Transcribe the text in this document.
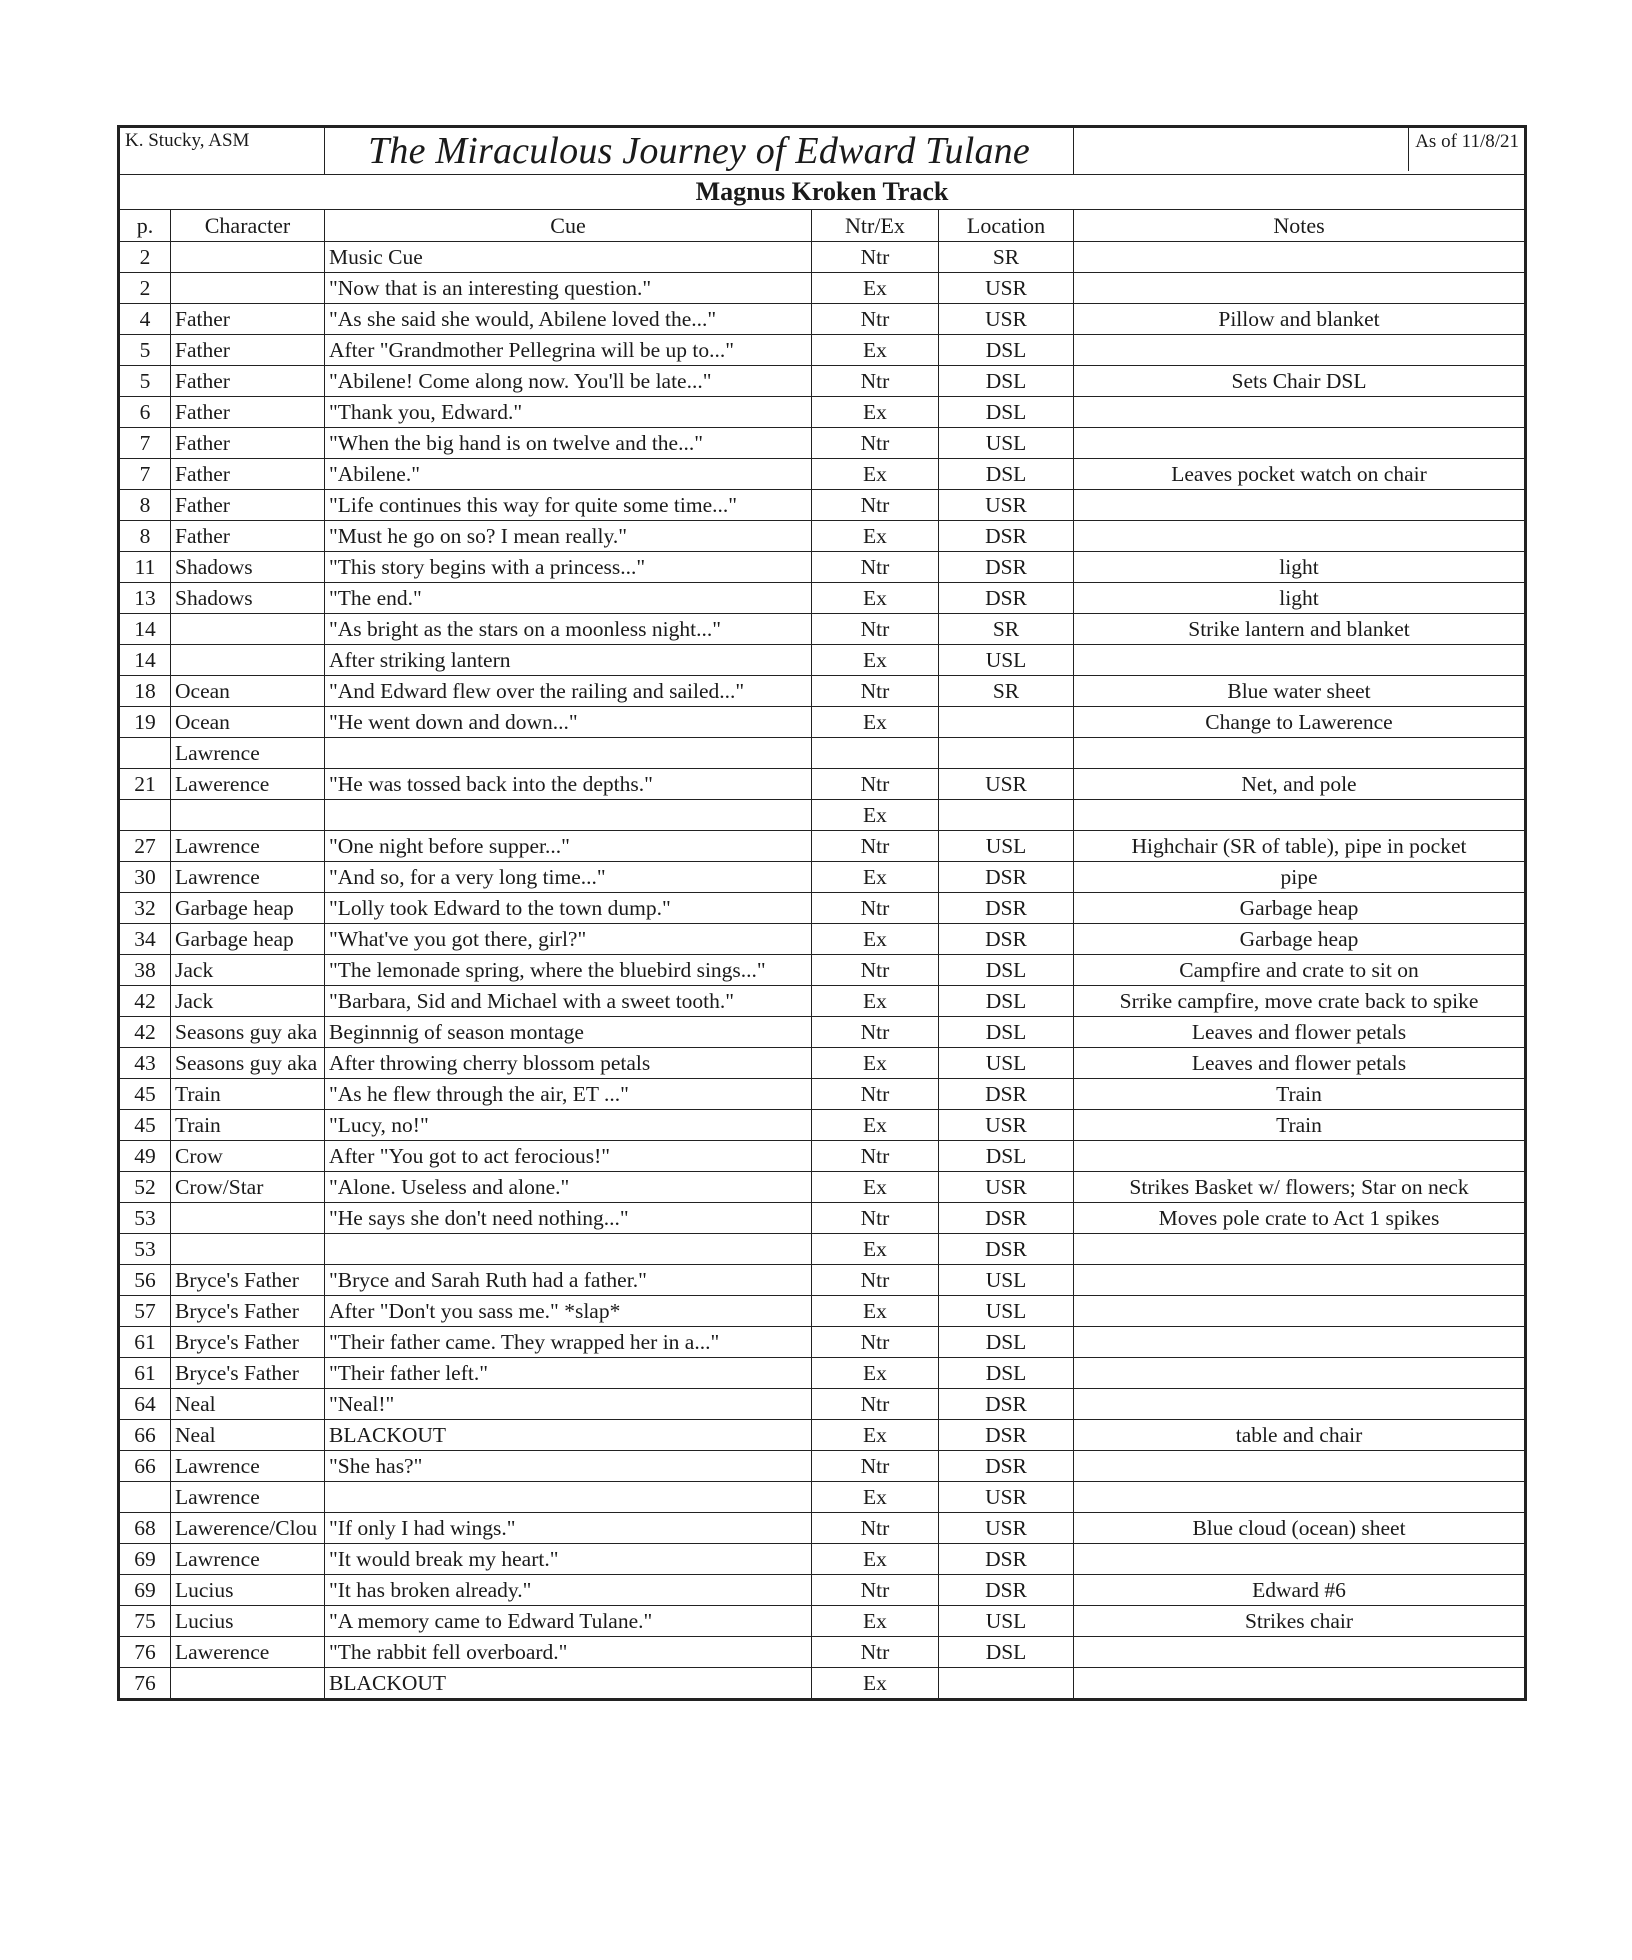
K. Stucky, ASM		The Miraculous Journey of Edward Tulane			As of 11/8/21

Magnus Kroken Track					
p.	Character	Cue	Ntr/Ex	Location	Notes
2		Music Cue	Ntr	SR	
2		"Now that is an interesting question."	Ex	USR	
4	Father	"As she said she would, Abilene loved the..."	Ntr	USR	Pillow and blanket
5	Father	After "Grandmother Pellegrina will be up to..."	Ex	DSL	
5	Father	"Abilene! Come along now. You'll be late..."	Ntr	DSL	Sets Chair DSL
6	Father	"Thank you, Edward."	Ex	DSL	
7	Father	"When the big hand is on twelve and the..."	Ntr	USL	
7	Father	"Abilene."	Ex	DSL	Leaves pocket watch on chair
8	Father	"Life continues this way for quite some time..."	Ntr	USR	
8	Father	"Must he go on so? I mean really."	Ex	DSR	
11	Shadows	"This story begins with a princess..."	Ntr	DSR	light
13	Shadows	"The end."	Ex	DSR	light
14		"As bright as the stars on a moonless night..."	Ntr	SR	Strike lantern and blanket
14		After striking lantern	Ex	USL	
18	Ocean	"And Edward flew over the railing and sailed..."	Ntr	SR	Blue water sheet
19	Ocean	"He went down and down..."	Ex		Change to Lawerence
	Lawrence				
21	Lawerence	"He was tossed back into the depths."	Ntr	USR	Net, and pole
			Ex		
27	Lawrence	"One night before supper..."	Ntr	USL	Highchair (SR of table), pipe in pocket
30	Lawrence	"And so, for a very long time..."	Ex	DSR	pipe
32	Garbage heap	"Lolly took Edward to the town dump."	Ntr	DSR	Garbage heap
34	Garbage heap	"What've you got there, girl?"	Ex	DSR	Garbage heap
38	Jack	"The lemonade spring, where the bluebird sings..."	Ntr	DSL	Campfire and crate to sit on
42	Jack	"Barbara, Sid and Michael with a sweet tooth."	Ex	DSL	Srrike campfire, move crate back to spike
42	Seasons guy aka	Beginnnig of season montage	Ntr	DSL	Leaves and flower petals
43	Seasons guy aka	After throwing cherry blossom petals	Ex	USL	Leaves and flower petals
45	Train	"As he flew through the air, ET ..."	Ntr	DSR	Train
45	Train	"Lucy, no!"	Ex	USR	Train
49	Crow	After "You got to act ferocious!"	Ntr	DSL	
52	Crow/Star	"Alone. Useless and alone."	Ex	USR	Strikes Basket w/ flowers; Star on neck
53		"He says she don't need nothing..."	Ntr	DSR	Moves pole crate to Act 1 spikes
53			Ex	DSR	
56	Bryce's Father	"Bryce and Sarah Ruth had a father."	Ntr	USL	
57	Bryce's Father	After "Don't you sass me." *slap*	Ex	USL	
61	Bryce's Father	"Their father came. They wrapped her in a..."	Ntr	DSL	
61	Bryce's Father	"Their father left."	Ex	DSL	
64	Neal	"Neal!"	Ntr	DSR	
66	Neal	BLACKOUT	Ex	DSR	table and chair
66	Lawrence	"She has?"	Ntr	DSR	
	Lawrence		Ex	USR	
68	Lawerence/Clou	"If only I had wings."	Ntr	USR	Blue cloud (ocean) sheet
69	Lawrence	"It would break my heart."	Ex	DSR	
69	Lucius	"It has broken already."	Ntr	DSR	Edward #6
75	Lucius	"A memory came to Edward Tulane."	Ex	USL	Strikes chair
76	Lawerence	"The rabbit fell overboard."	Ntr	DSL	
76		BLACKOUT	Ex		
